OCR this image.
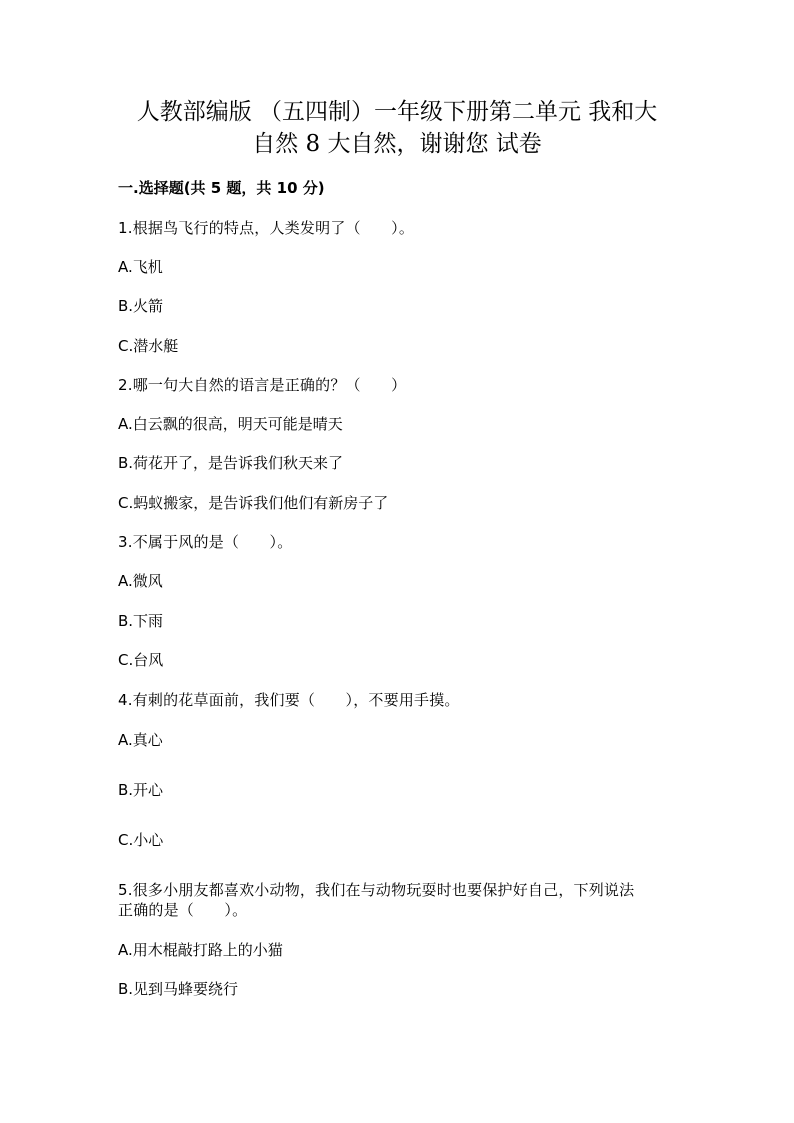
人教部编版 （五四制）一年级下册第二单元 我和大
自然 8 大自然，谢谢您 试卷
一.选择题(共 5 题，共 10 分)
1.根据鸟飞行的特点，人类发明了（　　）。
A.飞机
B.火箭
C.潜水艇
2.哪一句大自然的语言是正确的？（　　）
A.白云飘的很高，明天可能是晴天
B.荷花开了，是告诉我们秋天来了
C.蚂蚁搬家，是告诉我们他们有新房子了
3.不属于风的是（　　）。
A.微风
B.下雨
C.台风
4.有刺的花草面前，我们要（　　），不要用手摸。
A.真心
B.开心
C.小心
5.很多小朋友都喜欢小动物，我们在与动物玩耍时也要保护好自己，下列说法
正确的是（　　）。
A.用木棍敲打路上的小猫
B.见到马蜂要绕行
